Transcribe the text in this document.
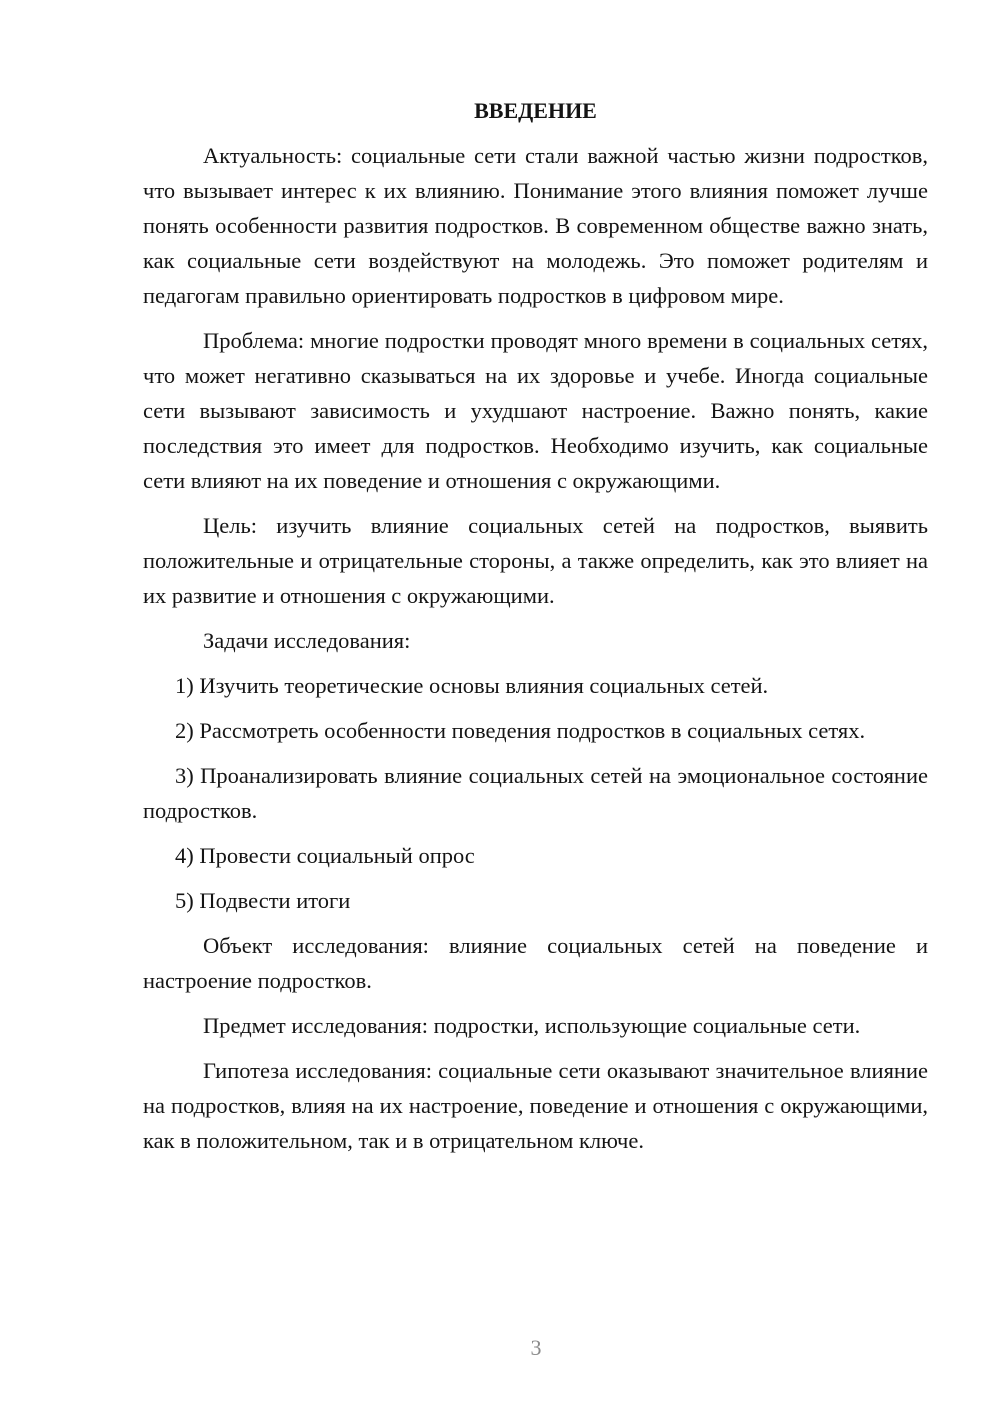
ВВЕДЕНИЕ

Актуальность: социальные сети стали важной частью жизни подростков, что вызывает интерес к их влиянию. Понимание этого влияния поможет лучше понять особенности развития подростков. В современном обществе важно знать, как социальные сети воздействуют на молодежь. Это поможет родителям и педагогам правильно ориентировать подростков в цифровом мире.

Проблема: многие подростки проводят много времени в социальных сетях, что может негативно сказываться на их здоровье и учебе. Иногда социальные сети вызывают зависимость и ухудшают настроение. Важно понять, какие последствия это имеет для подростков. Необходимо изучить, как социальные сети влияют на их поведение и отношения с окружающими.

Цель: изучить влияние социальных сетей на подростков, выявить положительные и отрицательные стороны, а также определить, как это влияет на их развитие и отношения с окружающими.

Задачи исследования:

1) Изучить теоретические основы влияния социальных сетей.

2) Рассмотреть особенности поведения подростков в социальных сетях.

3) Проанализировать влияние социальных сетей на эмоциональное состояние подростков.

4) Провести социальный опрос

5) Подвести итоги

Объект исследования: влияние социальных сетей на поведение и настроение подростков.

Предмет исследования: подростки, использующие социальные сети.

Гипотеза исследования: социальные сети оказывают значительное влияние на подростков, влияя на их настроение, поведение и отношения с окружающими, как в положительном, так и в отрицательном ключе.

3
